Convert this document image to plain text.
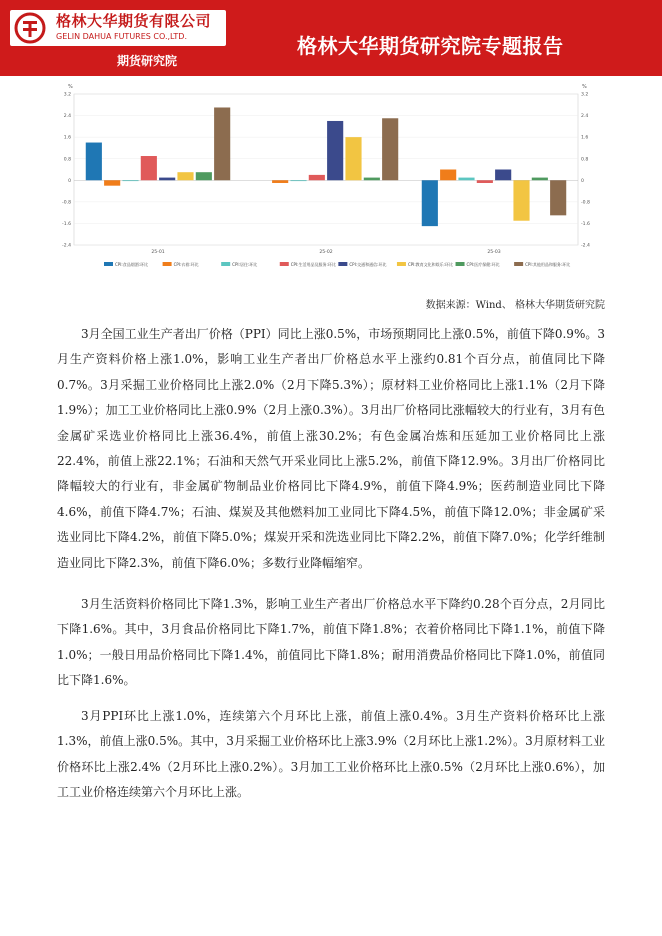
格林大华期货有限公司
GELIN DAHUA FUTURES CO.,LTD.
期货研究院
格林大华期货研究院专题报告
%	%
3.2	3.2
2.4	2.4
1.6	1.6
0.8	0.8
0	0
-0.8	-0.8
-1.6	-1.6
-2.4	-2.4
25-01	25-02	25-03
CPI:食品烟酒:环比	CPI:衣着:环比	CPI:居住:环比	CPI:生活用品及服务:环比	CPI:交通和通信:环比	CPI:教育文化和娱乐:环比	CPI:医疗保健:环比	CPI:其他用品和服务:环比
数据来源：Wind、 格林大华期货研究院

3月全国工业生产者出厂价格（PPI）同比上涨0.5%，市场预期同比上涨0.5%，前值下降0.9%。3月生产资料价格上涨1.0%，影响工业生产者出厂价格总水平上涨约0.81个百分点，前值同比下降0.7%。3月采掘工业价格同比上涨2.0%（2月下降5.3%）；原材料工业价格同比上涨1.1%（2月下降1.9%）；加工工业价格同比上涨0.9%（2月上涨0.3%）。3月出厂价格同比涨幅较大的行业有，3月有色金属矿采选业价格同比上涨36.4%，前值上涨30.2%；有色金属冶炼和压延加工业价格同比上涨22.4%，前值上涨22.1%；石油和天然气开采业同比上涨5.2%，前值下降12.9%。3月出厂价格同比降幅较大的行业有，非金属矿物制品业价格同比下降4.9%，前值下降4.9%；医药制造业同比下降4.6%，前值下降4.7%；石油、煤炭及其他燃料加工业同比下降4.5%，前值下降12.0%；非金属矿采选业同比下降4.2%，前值下降5.0%；煤炭开采和洗选业同比下降2.2%，前值下降7.0%；化学纤维制造业同比下降2.3%，前值下降6.0%；多数行业降幅缩窄。

3月生活资料价格同比下降1.3%，影响工业生产者出厂价格总水平下降约0.28个百分点，2月同比下降1.6%。其中，3月食品价格同比下降1.7%，前值下降1.8%；衣着价格同比下降1.1%，前值下降1.0%；一般日用品价格同比下降1.4%，前值同比下降1.8%；耐用消费品价格同比下降1.0%，前值同比下降1.6%。

3月PPI环比上涨1.0%，连续第六个月环比上涨，前值上涨0.4%。3月生产资料价格环比上涨1.3%，前值上涨0.5%。其中，3月采掘工业价格环比上涨3.9%（2月环比上涨1.2%）。3月原材料工业价格环比上涨2.4%（2月环比上涨0.2%）。3月加工工业价格环比上涨0.5%（2月环比上涨0.6%），加工工业价格连续第六个月环比上涨。
